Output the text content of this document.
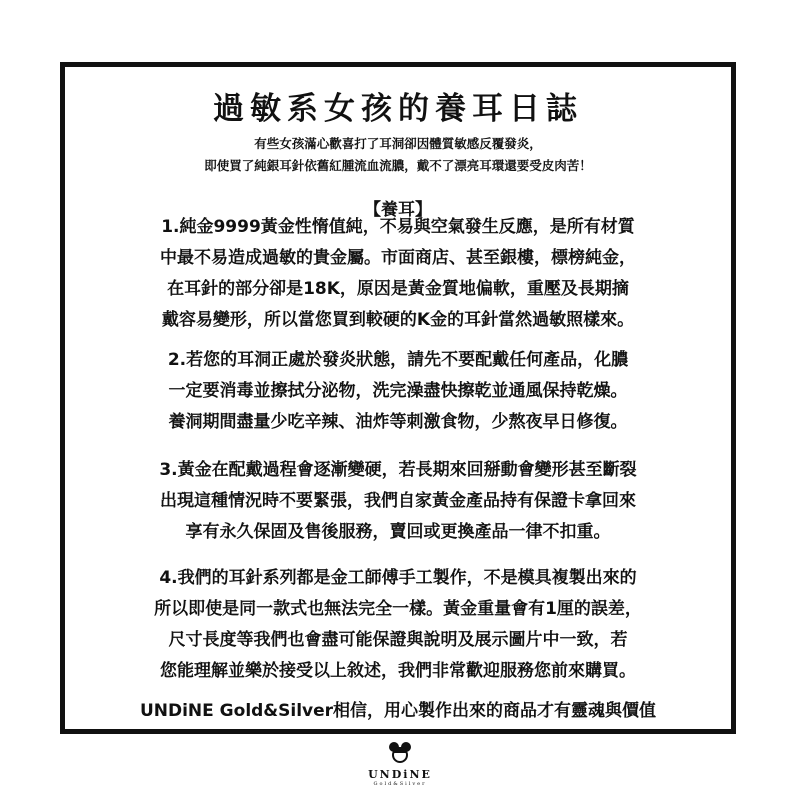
過敏系女孩的養耳日誌
有些女孩滿心歡喜打了耳洞卻因體質敏感反覆發炎，
即使買了純銀耳針依舊紅腫流血流膿，戴不了漂亮耳環還要受皮肉苦！
【養耳】
1.純金9999黃金性惰值純，不易與空氣發生反應，是所有材質
中最不易造成過敏的貴金屬。市面商店、甚至銀樓，標榜純金，
在耳針的部分卻是18K，原因是黃金質地偏軟，重壓及長期摘
戴容易變形，所以當您買到較硬的K金的耳針當然過敏照樣來。
2.若您的耳洞正處於發炎狀態，請先不要配戴任何產品，化膿
一定要消毒並擦拭分泌物，洗完澡盡快擦乾並通風保持乾燥。
養洞期間盡量少吃辛辣、油炸等刺激食物，少熬夜早日修復。
3.黃金在配戴過程會逐漸變硬，若長期來回掰動會變形甚至斷裂
出現這種情況時不要緊張，我們自家黃金產品持有保證卡拿回來
享有永久保固及售後服務，賣回或更換產品一律不扣重。
4.我們的耳針系列都是金工師傅手工製作，不是模具複製出來的
所以即使是同一款式也無法完全一樣。黃金重量會有1厘的誤差，
尺寸長度等我們也會盡可能保證與說明及展示圖片中一致，若
您能理解並樂於接受以上敘述，我們非常歡迎服務您前來購買。
UNDiNE Gold&Silver相信，用心製作出來的商品才有靈魂與價值
UNDiNE
Gold&Silver
